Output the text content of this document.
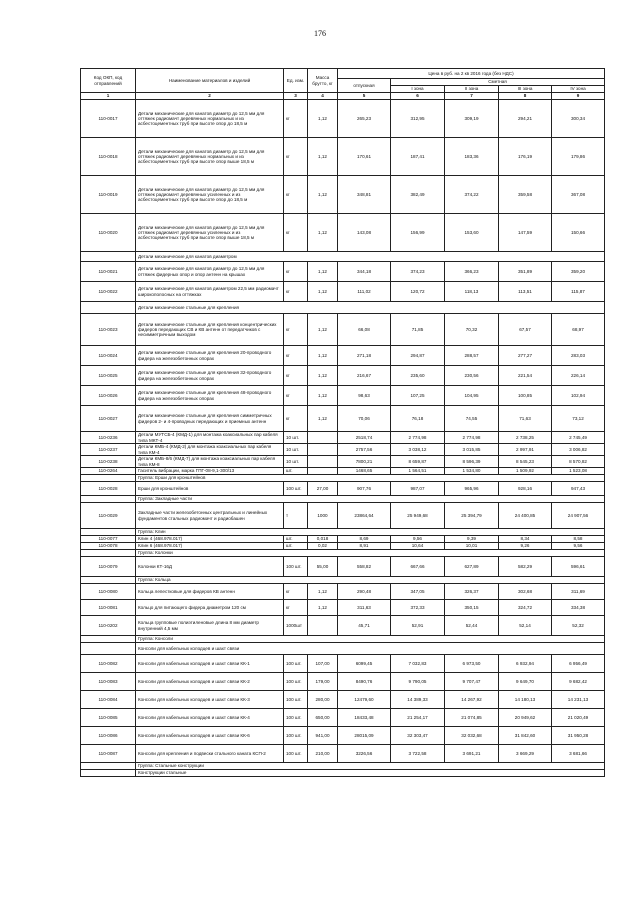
176
Код ОКП, код отправлений	Наименование материалов и изделий	Ед. изм.	Масса брутто, кг	Цена в руб. на 2 кв 2016 года (без НДС)				
				отпускная	Сметная			
					I зона	II зона	III зона	IV зона
1	2	3	4	5	6	7	8	9
110-0017	Детали механические для канатов диаметр до 12,5 мм для оттяжек радиомачт деревянных нормальных и из асбестоцементных труб при высоте опор до 18,5 м	кг	1,12	265,23	312,95	309,19	294,21	300,34
110-0018	Детали механические для канатов диаметр до 12,5 мм для оттяжек радиомачт деревянных нормальных и из асбестоцементных труб при высоте опор выше 18,5 м	кг	1,12	170,61	187,41	183,36	176,19	179,86
110-0019	Детали механические для канатов диаметр до 12,5 мм для оттяжек радиомачт деревянных усиленных и из асбестоцементных труб при высоте опор до 18,5 м	кг	1,12	348,81	382,49	374,22	359,58	367,08
110-0020	Детали механические для канатов диаметр до 12,5 мм для оттяжек радиомачт деревянных усиленных и из асбестоцементных труб при высоте опор выше 18,5 м	кг	1,12	143,08	156,99	153,60	147,59	150,66
	Детали механические для канатов диаметром							
110-0021	Детали механические для канатов диаметр до 12,5 мм для оттяжек фидерных опор и опор антенн на крышах	кг	1,12	344,18	374,23	366,23	351,89	359,20
110-0022	Детали механические для канатов диаметром 22,5 мм радиомачт широкополосных на оттяжках	кг	1,12	111,02	120,72	118,13	113,51	115,87
	Детали механические стальные для крепления							
110-0023	Детали механические стальные для крепления концентрических фидеров передающих СВ и КВ антенн от передатчиков с несимметричным выходом	кг	1,12	66,08	71,85	70,32	67,57	68,97
110-0024	Детали механические стальные для крепления 20-проводного фидера на железобетонных опорах	кг	1,12	271,18	294,87	288,57	277,27	283,03
110-0025	Детали механические стальные для крепления 32-проводного фидера на железобетонных опорах	кг	1,12	216,67	235,60	230,56	221,54	226,14
110-0026	Детали механические стальные для крепления 48-проводного фидера на железобетонных опорах	кг	1,12	98,63	107,25	104,95	100,85	102,94
110-0027	Детали механические стальные для крепления симметричных фидеров 2- и 4-проводных передающих и приемных антенн	кг	1,12	70,06	76,18	74,55	71,63	73,12
110-0236	Детали МУТСБ-4 (КМД-1) для монтажа коаксиальных пар кабеля типа МКТ-4	10 шт.		2518,74	2 774,98	2 774,98	2 738,25	2 745,49
110-0237	Детали КМБ-4 (КМД-2) для монтажа коаксиальных пар кабеля типа КМ-4	10 шт.		2757,56	3 038,12	3 015,85	2 997,91	3 006,82
110-0238	Детали КМБ-8/6 (КМД-7) для монтажа коаксиальных пар кабеля типа КМ-8	10 шт.		7800,21	8 659,87	8 596,39	8 545,23	8 570,82
110-0264	Гаситель вибрации, марка ГПГ-08-9,1-300/13	шт.		1468,65	1 564,51	1 534,80	1 509,92	1 523,08
	Группа: Ерши для кронштейнов							
110-0028	Ерши для кронштейнов	100 шт.	27,00	907,76	987,07	965,96	928,16	947,43
	Группа: Закладные части							
110-0029	Закладные части железобетонных центральных и линейных фундаментов стальных радиомачт и радиобашен	т	1000	23864,64	25 949,68	25 394,79	24 400,85	24 907,56
	Группа: Клин							
110-0077	Клин 4 (468.978.017)	шт.	0,018	8,69	9,56	9,39	8,34	8,58
110-0078	Клин 6 (468.978.017)	шт.	0,02	8,91	10,64	10,01	9,26	9,56
	Группа: Колонки							
110-0079	Колонки КТ-16Д	100 шт.	55,00	558,82	667,66	627,89	582,29	596,61
	Группа: Кольца							
110-0080	Кольца лепестковые для фидеров КВ антенн	кг	1,12	290,48	347,05	326,37	302,68	311,69
110-0081	Кольцо для питающего фидера диаметром 120 см	кг	1,12	311,63	372,33	350,15	324,72	334,38
110-0202	Кольца групповые полиэтиленовые длина 8 мм диаметр внутренний 4,5 мм	1000шт		45,71	52,91	52,44	52,14	52,32
	Группа: Консоли							
	Консоли для кабельных колодцев и шахт связи							
110-0082	Консоли для кабельных колодцев и шахт связи КК-1	100 шт.	107,00	6099,45	7 032,83	6 973,50	6 932,94	6 956,49
110-0083	Консоли для кабельных колодцев и шахт связи КК-2	100 шт.	179,00	8490,76	9 790,05	9 707,47	9 649,70	9 682,42
110-0084	Консоли для кабельных колодцев и шахт связи КК-3	100 шт.	280,00	12479,60	14 389,33	14 267,92	14 180,13	14 231,13
110-0085	Консоли для кабельных колодцев и шахт связи КК-4	100 шт.	650,00	18433,48	21 254,17	21 074,85	20 949,62	21 020,49
110-0086	Консоли для кабельных колодцев и шахт связи КК-6	100 шт.	941,00	28015,09	32 303,47	32 032,68	31 842,60	31 950,28
110-0087	Консоли для крепления и подвески стального каната КСП-2	100 шт.	210,00	3226,56	3 722,58	3 691,21	3 669,29	3 681,66
	Группа: Стальные конструкции							
	Конструкции стальные							
